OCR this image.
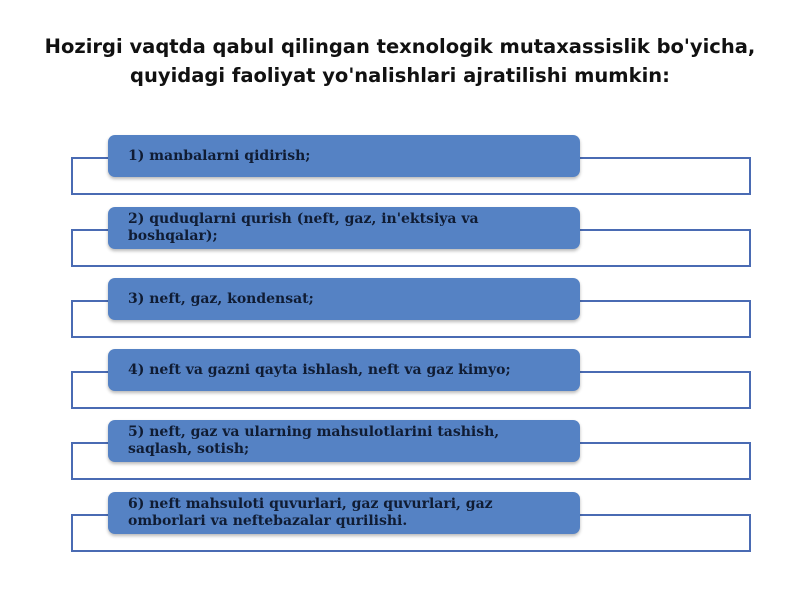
Hozirgi vaqtda qabul qilingan texnologik mutaxassislik bo'yicha,
quyidagi faoliyat yo'nalishlari ajratilishi mumkin:
1) manbalarni qidirish;
2) quduqlarni qurish (neft, gaz, in'ektsiya va boshqalar);
3) neft, gaz, kondensat;
4) neft va gazni qayta ishlash, neft va gaz kimyo;
5) neft, gaz va ularning mahsulotlarini tashish, saqlash, sotish;
6) neft mahsuloti quvurlari, gaz quvurlari, gaz omborlari va neftebazalar qurilishi.
